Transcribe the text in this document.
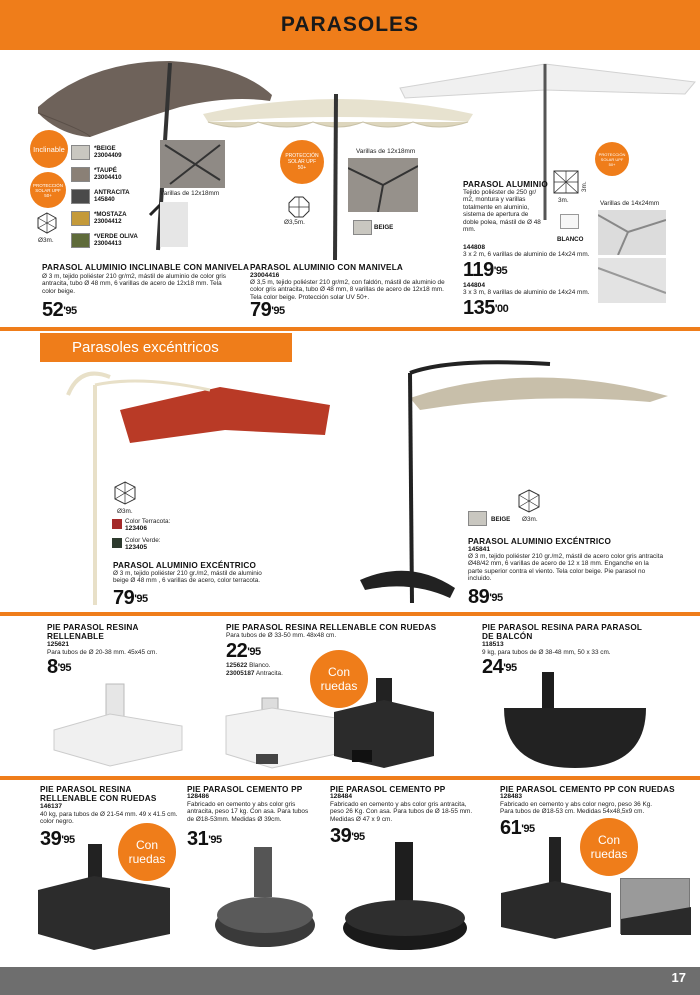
PARASOLES
Inclinable
PROTECCIÓN SOLAR UPF 50+
Ø3m.
*BEIGE
23004409
*TAUPÉ
23004410
ANTRACITA
145840
*MOSTAZA
23004412
*VERDE OLIVA
23004413
Varillas de 12x18mm
PARASOL ALUMINIO INCLINABLE CON MANIVELA
Ø 3 m, tejido poliéster 210 gr/m2, mástil de aluminio de color gris antracita, tubo Ø 48 mm, 6 varillas de acero de 12x18 mm. Tela color beige.
$52^{'95}$
PROTECCIÓN SOLAR UPF 50+
Ø3,5m.
Varillas de 12x18mm
BEIGE
PARASOL ALUMINIO CON MANIVELA
23004416
Ø 3,5 m, tejido poliéster 210 gr/m2, con faldón, mástil de aluminio de color gris antracita, tubo Ø 48 mm, 8 varillas de acero de 12x18 mm. Tela color beige. Protección solar UV 50+.
$79^{'95}$
PROTECCIÓN SOLAR UPF 50+
PARASOL ALUMINIO
Tejido poliéster de 250 gr/ m2, montura y varillas totalmente en aluminio, sistema de apertura de doble polea, mástil de Ø 48 mm.
3m.
3m.
BLANCO
Varillas de 14x24mm
144808
3 x 2 m, 6 varillas de aluminio de 14x24 mm.
$119^{'95}$
144804
3 x 3 m, 8 varillas de aluminio de 14x24 mm.
$135^{'00}$
Parasoles excéntricos
Ø3m.
Color Terracota:
123406
Color Verde:
123405
PARASOL ALUMINIO EXCÉNTRICO
Ø 3 m, tejido poliéster 210 gr./m2, mástil de aluminio beige Ø 48 mm , 6 varillas de acero, color terracota.
$79^{'95}$
BEIGE Ø3m.
PARASOL ALUMINIO EXCÉNTRICO
145841
Ø 3 m, tejido poliéster 210 gr./m2, mástil de acero color gris antracita Ø48/42 mm, 6 varillas de acero de 12 x 18 mm. Enganche en la parte superior contra el viento. Tela color beige. Pie parasol no incluido.
$89^{'95}$
PIE PARASOL RESINA RELLENABLE
125621
Para tubos de Ø 20-38 mm. 45x45 cm.
$8^{'95}$
PIE PARASOL RESINA RELLENABLE CON RUEDAS
Para tubos de Ø 33-50 mm. 48x48 cm.
$22^{'95}$
125622 Blanco.
23005187 Antracita.	Con ruedas
PIE PARASOL RESINA PARA PARASOL DE BALCÓN
118513
9 kg, para tubos de Ø 38-48 mm, 50 x 33 cm.
$24^{'95}$
PIE PARASOL RESINA RELLENABLE CON RUEDAS
146137
40 kg, para tubos de Ø 21-54 mm. 49 x 41.5 cm. color negro.
$39^{'95}$	Con ruedas
PIE PARASOL CEMENTO PP
128486
Fabricado en cemento y abs color gris antracita, peso 17 kg. Con asa. Para tubos de Ø18-53mm. Medidas Ø 39cm.
$31^{'95}$
PIE PARASOL CEMENTO PP
128484
Fabricado en cemento y abs color gris antracita, peso 26 Kg. Con asa. Para tubos de Ø 18-55 mm. Medidas Ø 47 x 9 cm.
$39^{'95}$
PIE PARASOL CEMENTO PP CON RUEDAS
128483
Fabricado en cemento y abs color negro, peso 36 Kg. Para tubos de Ø18-53 cm. Medidas 54x48,5x9 cm.
$61^{'95}$
Con ruedas
17
